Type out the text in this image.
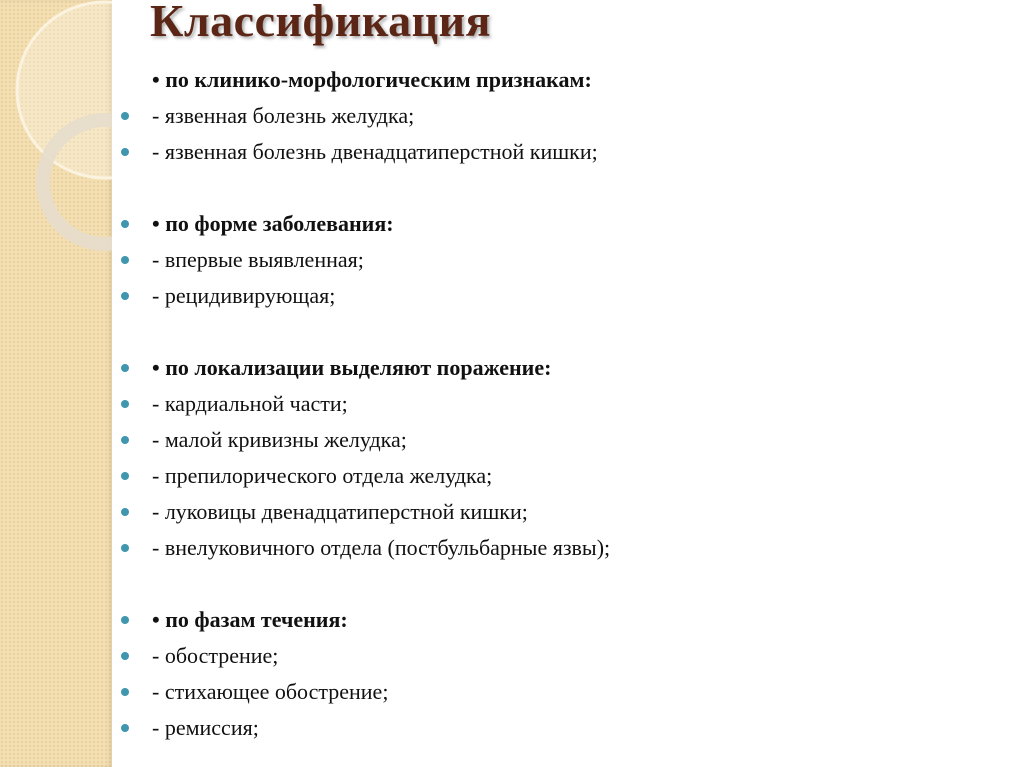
Классификация
• по клинико-морфологическим признакам:
- язвенная болезнь желудка;
- язвенная болезнь двенадцатиперстной кишки;
• по форме заболевания:
- впервые выявленная;
- рецидивирующая;
• по локализации выделяют поражение:
- кардиальной части;
- малой кривизны желудка;
- препилорического отдела желудка;
- луковицы двенадцатиперстной кишки;
- внелуковичного отдела (постбульбарные язвы);
• по фазам течения:
- обострение;
- стихающее обострение;
- ремиссия;
